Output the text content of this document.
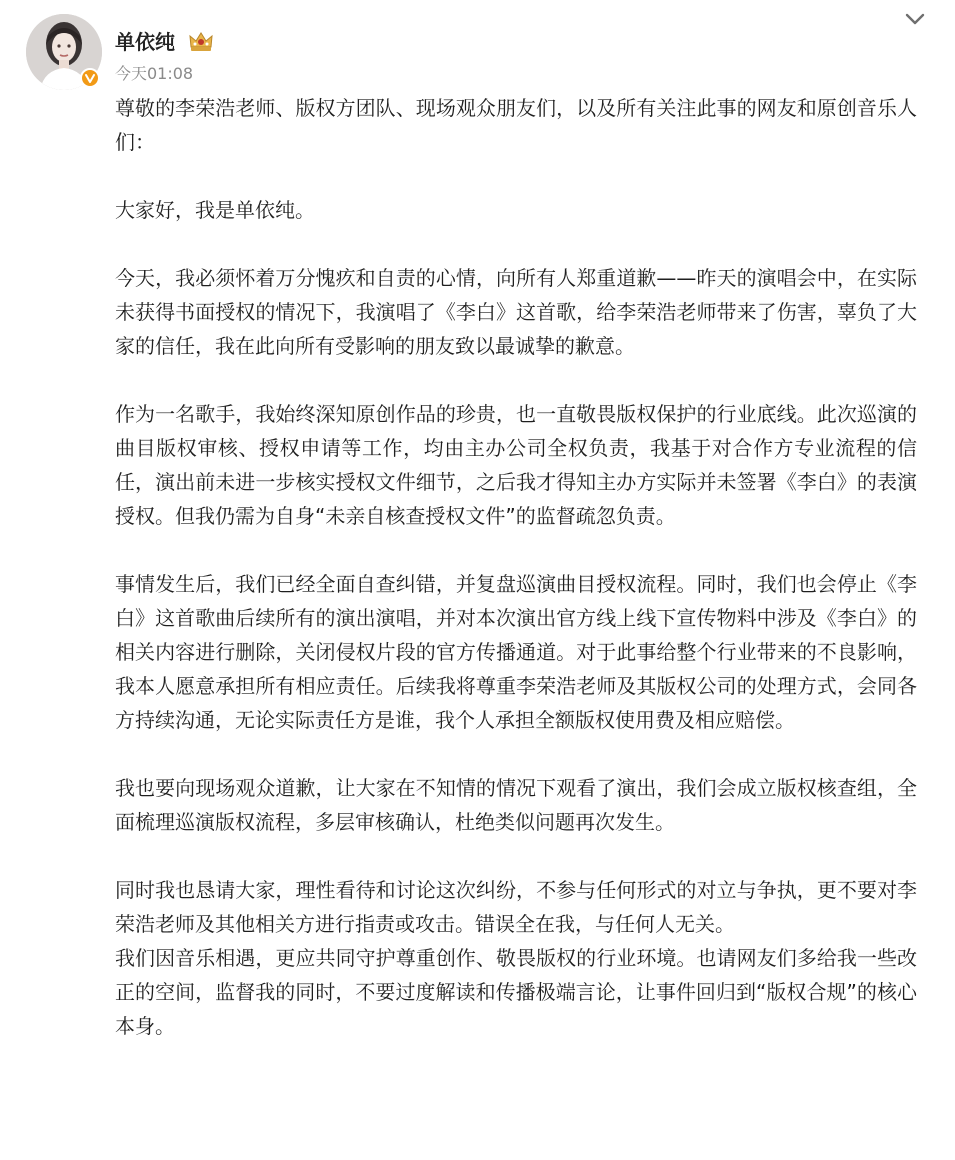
单依纯
今天01:08

尊敬的李荣浩老师、版权方团队、现场观众朋友们，以及所有关注此事的网友和原创音乐人们：

大家好，我是单依纯。

今天，我必须怀着万分愧疚和自责的心情，向所有人郑重道歉——昨天的演唱会中，在实际未获得书面授权的情况下，我演唱了《李白》这首歌，给李荣浩老师带来了伤害，辜负了大家的信任，我在此向所有受影响的朋友致以最诚挚的歉意。

作为一名歌手，我始终深知原创作品的珍贵，也一直敬畏版权保护的行业底线。此次巡演的曲目版权审核、授权申请等工作，均由主办公司全权负责，我基于对合作方专业流程的信任，演出前未进一步核实授权文件细节，之后我才得知主办方实际并未签署《李白》的表演授权。但我仍需为自身“未亲自核查授权文件”的监督疏忽负责。

事情发生后，我们已经全面自查纠错，并复盘巡演曲目授权流程。同时，我们也会停止《李白》这首歌曲后续所有的演出演唱，并对本次演出官方线上线下宣传物料中涉及《李白》的相关内容进行删除，关闭侵权片段的官方传播通道。对于此事给整个行业带来的不良影响，我本人愿意承担所有相应责任。后续我将尊重李荣浩老师及其版权公司的处理方式，会同各方持续沟通，无论实际责任方是谁，我个人承担全额版权使用费及相应赔偿。

我也要向现场观众道歉，让大家在不知情的情况下观看了演出，我们会成立版权核查组，全面梳理巡演版权流程，多层审核确认，杜绝类似问题再次发生。

同时我也恳请大家，理性看待和讨论这次纠纷，不参与任何形式的对立与争执，更不要对李荣浩老师及其他相关方进行指责或攻击。错误全在我，与任何人无关。

我们因音乐相遇，更应共同守护尊重创作、敬畏版权的行业环境。也请网友们多给我一些改正的空间，监督我的同时，不要过度解读和传播极端言论，让事件回归到“版权合规”的核心本身。
